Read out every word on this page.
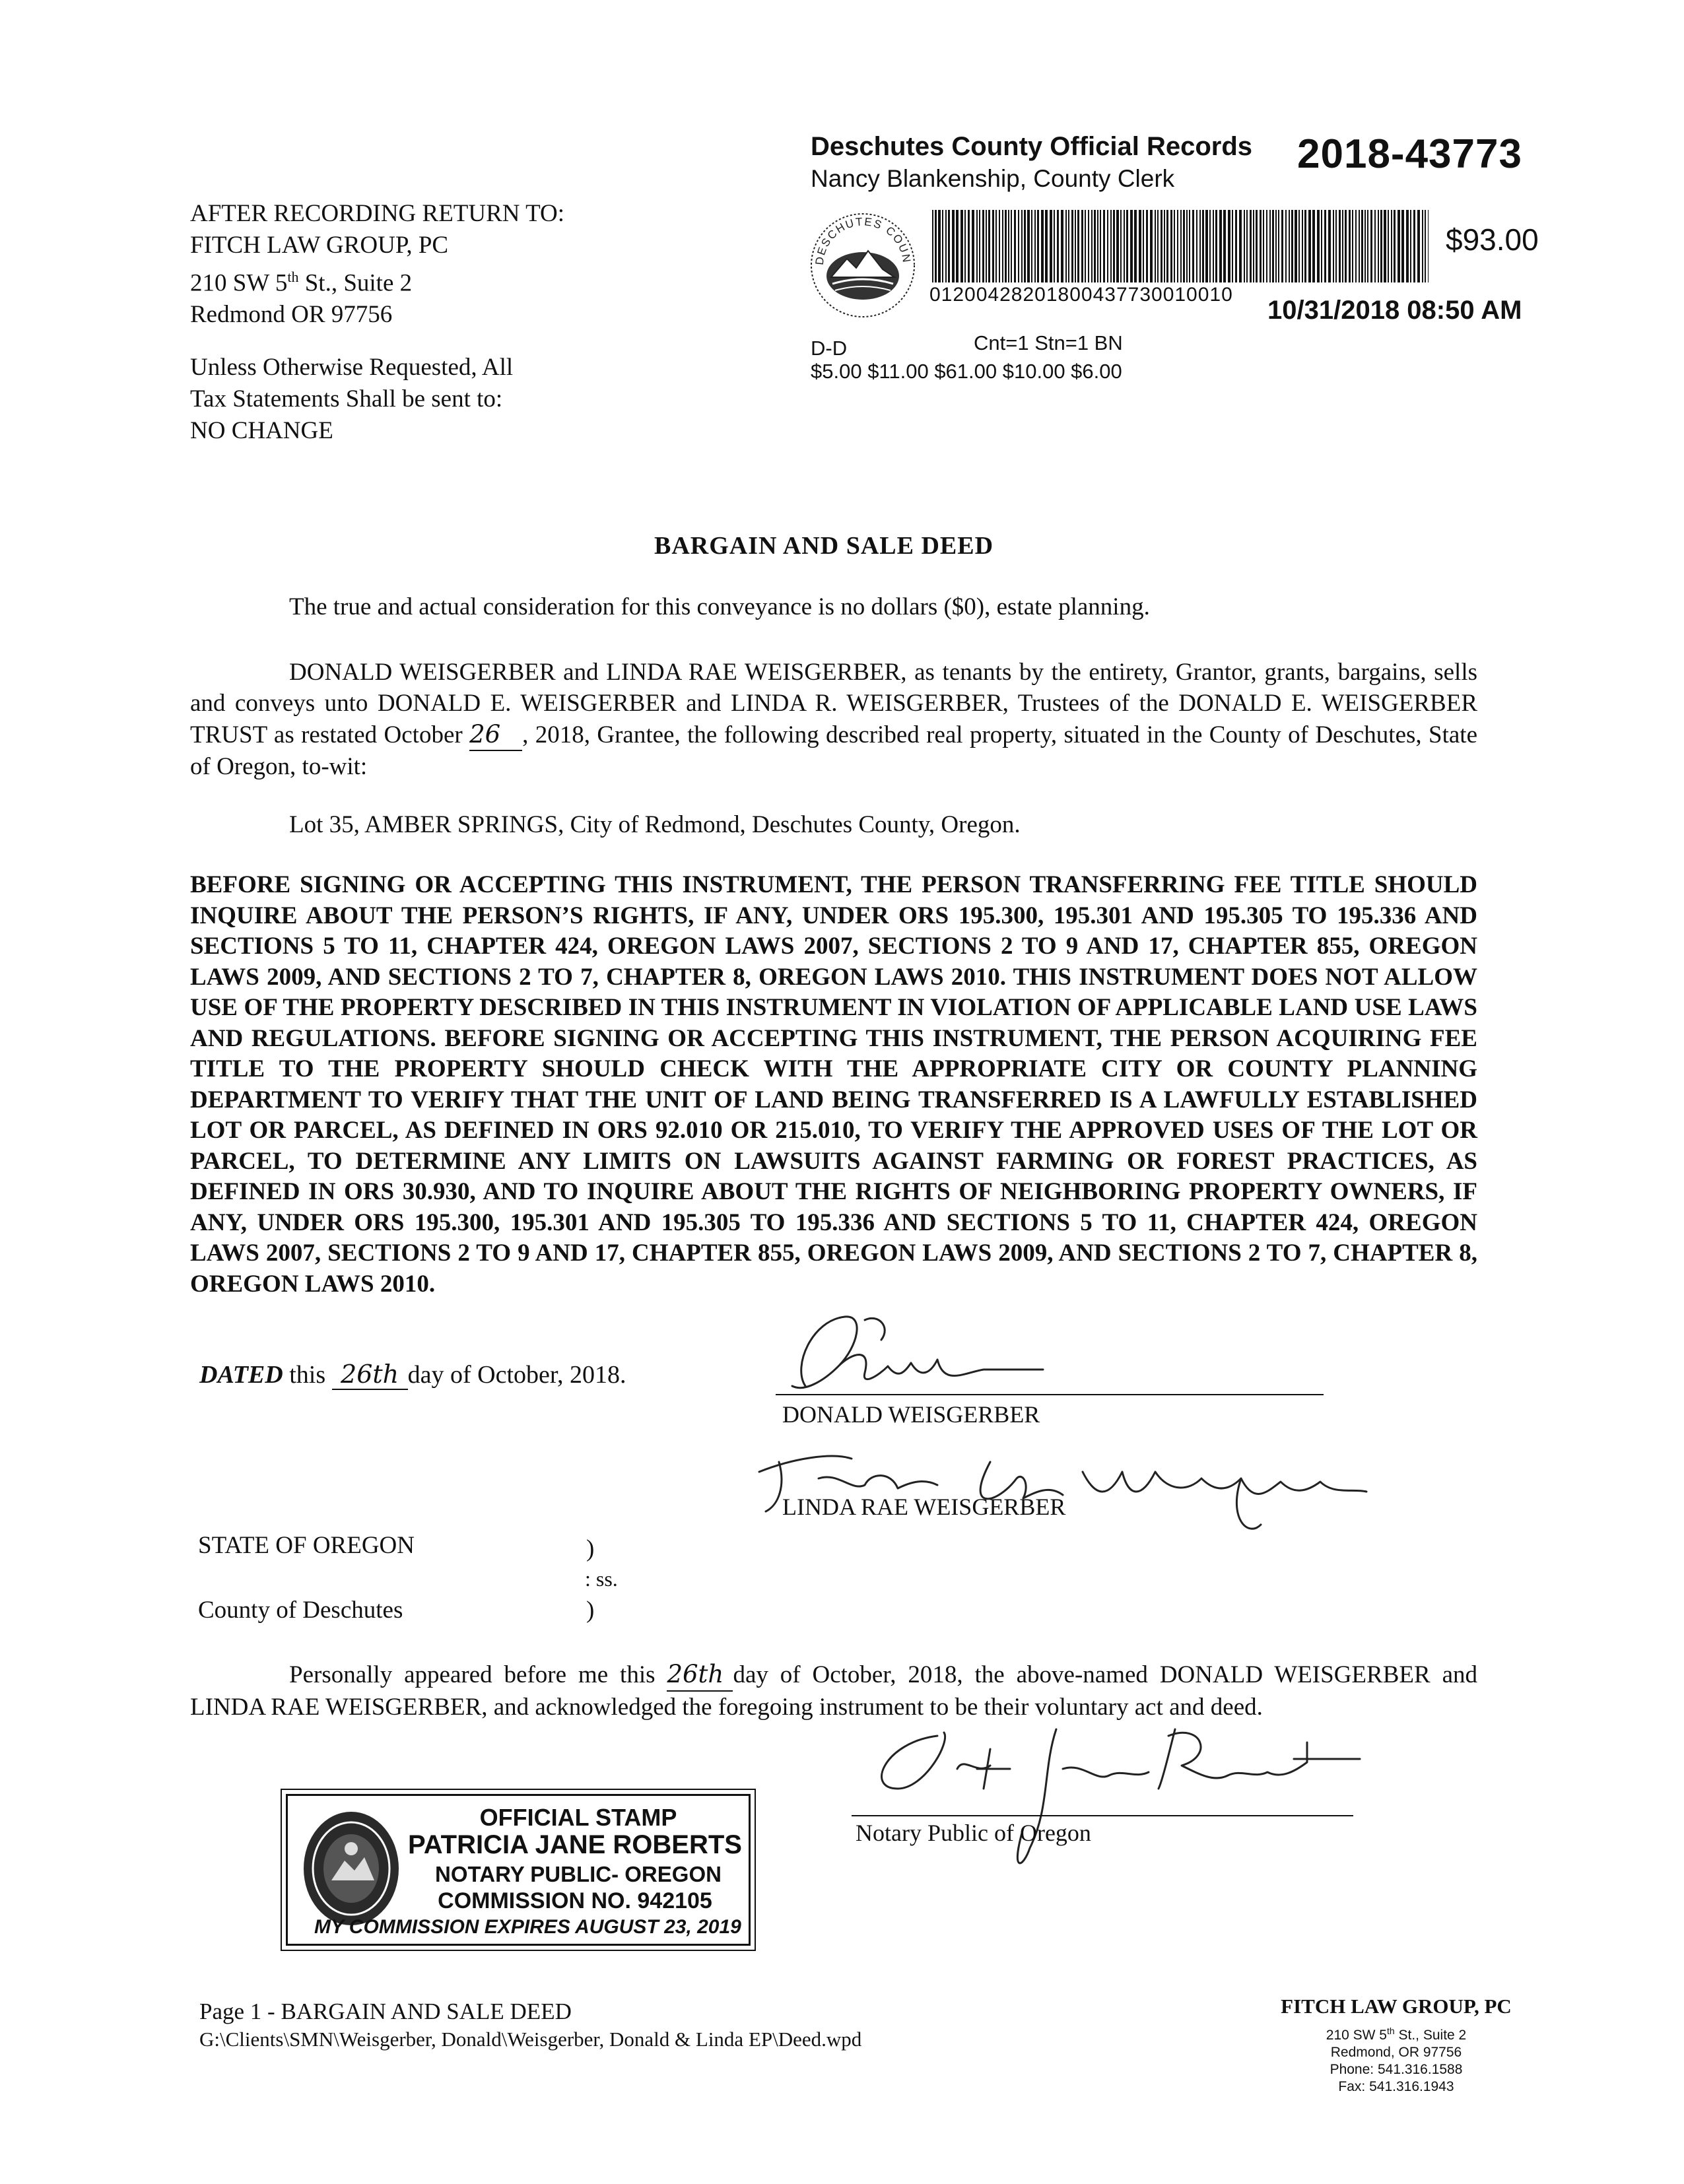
AFTER RECORDING RETURN TO:
FITCH LAW GROUP, PC
210 SW 5th St., Suite 2
Redmond OR 97756
Unless Otherwise Requested, All
Tax Statements Shall be sent to:
NO CHANGE
Deschutes County Official Records
Nancy Blankenship, County Clerk
2018-43773
DESCHUTES COUN
01200428201800437730010010
$93.00
10/31/2018 08:50 AM
D-D	Cnt=1 Stn=1 BN
$5.00 $11.00 $61.00 $10.00 $6.00
BARGAIN AND SALE DEED
The true and actual consideration for this conveyance is no dollars ($0), estate planning.
DONALD WEISGERBER and LINDA RAE WEISGERBER, as tenants by the entirety, Grantor, grants, bargains, sells and conveys unto DONALD E. WEISGERBER and LINDA R. WEISGERBER, Trustees of the DONALD E. WEISGERBER TRUST as restated October 26 , 2018, Grantee, the following described real property, situated in the County of Deschutes, State of Oregon, to-wit:
Lot 35, AMBER SPRINGS, City of Redmond, Deschutes County, Oregon.
BEFORE SIGNING OR ACCEPTING THIS INSTRUMENT, THE PERSON TRANSFERRING FEE TITLE SHOULD INQUIRE ABOUT THE PERSON’S RIGHTS, IF ANY, UNDER ORS 195.300, 195.301 AND 195.305 TO 195.336 AND SECTIONS 5 TO 11, CHAPTER 424, OREGON LAWS 2007, SECTIONS 2 TO 9 AND 17, CHAPTER 855, OREGON LAWS 2009, AND SECTIONS 2 TO 7, CHAPTER 8, OREGON LAWS 2010. THIS INSTRUMENT DOES NOT ALLOW USE OF THE PROPERTY DESCRIBED IN THIS INSTRUMENT IN VIOLATION OF APPLICABLE LAND USE LAWS AND REGULATIONS. BEFORE SIGNING OR ACCEPTING THIS INSTRUMENT, THE PERSON ACQUIRING FEE TITLE TO THE PROPERTY SHOULD CHECK WITH THE APPROPRIATE CITY OR COUNTY PLANNING DEPARTMENT TO VERIFY THAT THE UNIT OF LAND BEING TRANSFERRED IS A LAWFULLY ESTABLISHED LOT OR PARCEL, AS DEFINED IN ORS 92.010 OR 215.010, TO VERIFY THE APPROVED USES OF THE LOT OR PARCEL, TO DETERMINE ANY LIMITS ON LAWSUITS AGAINST FARMING OR FOREST PRACTICES, AS DEFINED IN ORS 30.930, AND TO INQUIRE ABOUT THE RIGHTS OF NEIGHBORING PROPERTY OWNERS, IF ANY, UNDER ORS 195.300, 195.301 AND 195.305 TO 195.336 AND SECTIONS 5 TO 11, CHAPTER 424, OREGON LAWS 2007, SECTIONS 2 TO 9 AND 17, CHAPTER 855, OREGON LAWS 2009, AND SECTIONS 2 TO 7, CHAPTER 8, OREGON LAWS 2010.
DATED this 26th day of October, 2018.
DONALD WEISGERBER
LINDA RAE WEISGERBER
STATE OF OREGON	)
: ss.
County of Deschutes	)
Personally appeared before me this 26th day of October, 2018, the above-named DONALD WEISGERBER and LINDA RAE WEISGERBER, and acknowledged the foregoing instrument to be their voluntary act and deed.
Notary Public of Oregon
OFFICIAL STAMP
PATRICIA JANE ROBERTS
NOTARY PUBLIC- OREGON
COMMISSION NO. 942105
MY COMMISSION EXPIRES AUGUST 23, 2019
Page 1 - BARGAIN AND SALE DEED
G:\Clients\SMN\Weisgerber, Donald\Weisgerber, Donald & Linda EP\Deed.wpd
FITCH LAW GROUP, PC
210 SW 5th St., Suite 2
Redmond, OR 97756
Phone: 541.316.1588
Fax: 541.316.1943
